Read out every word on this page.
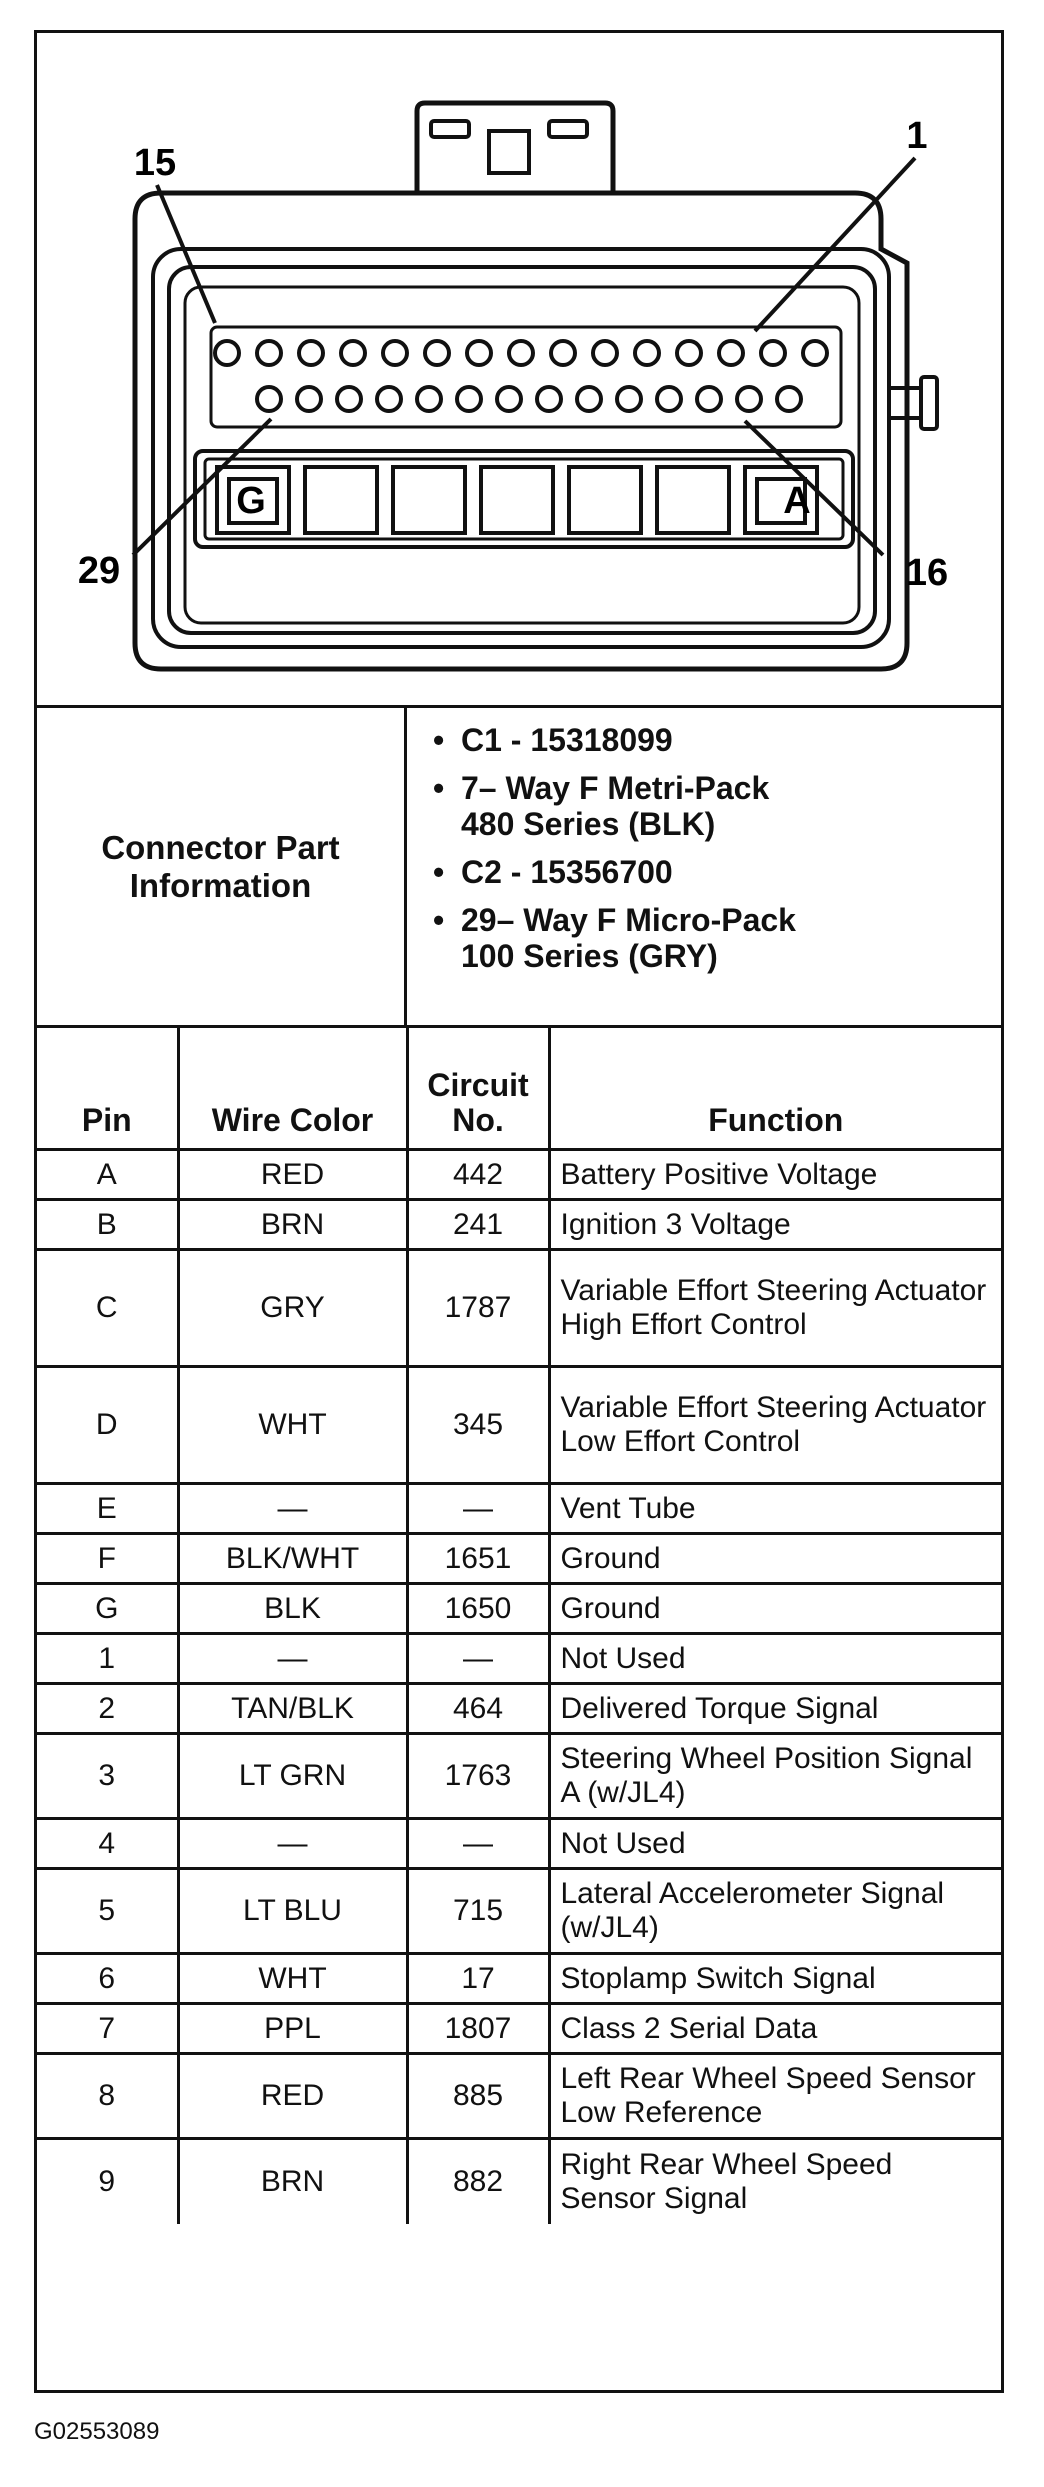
15
1
29	16
G	A
Connector Part Information
• C1 - 15318099
• 7– Way F Metri-Pack
480 Series (BLK)
• C2 - 15356700
• 29– Way F Micro-Pack
100 Series (GRY)
Pin	Wire Color	Circuit No.	Function
A	RED	442	Battery Positive Voltage
B	BRN	241	Ignition 3 Voltage
C	GRY	1787	Variable Effort Steering Actuator High Effort Control
D	WHT	345	Variable Effort Steering Actuator Low Effort Control
E	—	—	Vent Tube
F	BLK/WHT	1651	Ground
G	BLK	1650	Ground
1	—	—	Not Used
2	TAN/BLK	464	Delivered Torque Signal
3	LT GRN	1763	Steering Wheel Position Signal A (w/JL4)
4	—	—	Not Used
5	LT BLU	715	Lateral Accelerometer Signal (w/JL4)
6	WHT	17	Stoplamp Switch Signal
7	PPL	1807	Class 2 Serial Data
8	RED	885	Left Rear Wheel Speed Sensor Low Reference
9	BRN	882	Right Rear Wheel Speed Sensor Signal
G02553089
